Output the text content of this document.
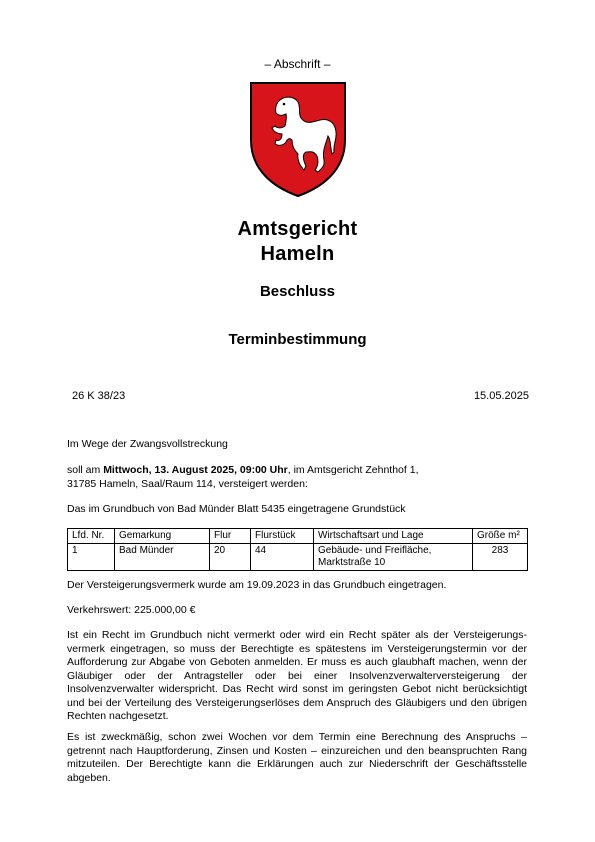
– Abschrift –
Amtsgericht
Hameln
Beschluss
Terminbestimmung
26 K 38/23	15.05.2025
Im Wege der Zwangsvollstreckung
soll am Mittwoch, 13. August 2025, 09:00 Uhr, im Amtsgericht Zehnthof 1,
31785 Hameln, Saal/Raum 114, versteigert werden:
Das im Grundbuch von Bad Münder Blatt 5435 eingetragene Grundstück
Lfd. Nr.	Gemarkung	Flur	Flurstück	Wirtschaftsart und Lage	Größe m²
1	Bad Münder	20	44	Gebäude- und Freifläche, Marktstraße 10	283
Der Versteigerungsvermerk wurde am 19.09.2023 in das Grundbuch eingetragen.
Verkehrswert: 225.000,00 €
Ist ein Recht im Grundbuch nicht vermerkt oder wird ein Recht später als der Versteigerungs-vermerk eingetragen, so muss der Berechtigte es spätestens im Versteigerungstermin vor der Aufforderung zur Abgabe von Geboten anmelden. Er muss es auch glaubhaft machen, wenn der Gläubiger oder der Antragsteller oder bei einer Insolvenzverwalterversteigerung der Insolvenzverwalter widerspricht. Das Recht wird sonst im geringsten Gebot nicht berücksichtigt und bei der Verteilung des Versteigerungserlöses dem Anspruch des Gläubigers und den übrigen Rechten nachgesetzt.
Es ist zweckmäßig, schon zwei Wochen vor dem Termin eine Berechnung des Anspruchs – getrennt nach Hauptforderung, Zinsen und Kosten – einzureichen und den beanspruchten Rang mitzuteilen. Der Berechtigte kann die Erklärungen auch zur Niederschrift der Geschäftsstelle abgeben.
